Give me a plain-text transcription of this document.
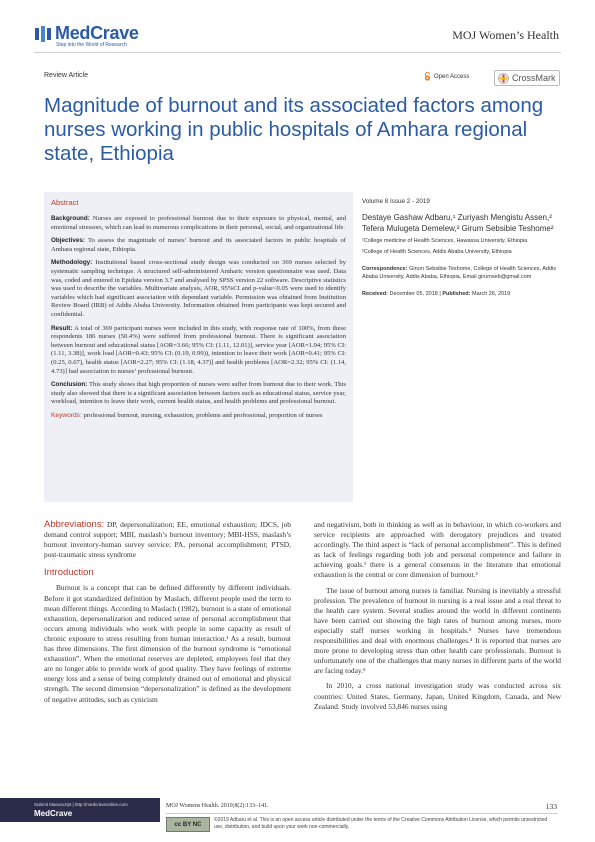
MedCrave
Step into the World of Research
MOJ Women’s Health
Review Article	Open Access	CrossMark
Magnitude of burnout and its associated factors among nurses working in public hospitals of Amhara regional state, Ethiopia
Abstract

Background: Nurses are exposed to professional burnout due to their exposure to physical, mental, and emotional stressors, which can lead to numerous complications in their personal, social, and organizational life.

Objectives: To assess the magnitude of nurses’ burnout and its associated factors in public hospitals of Amhara regional state, Ethiopia.

Methodology: Institutional based cross-sectional study design was conducted on 369 nurses selected by systematic sampling technique. A structured self-administered Amharic version questionnaire was used. Data was, coded and entered in Epidata version 3.7 and analysed by SPSS version 22 software. Descriptive statistics was used to describe the variables. Multivariate analysis, AOR, 95%CI and p-value<0.05 were used to identify variables which had significant association with dependant variable. Permission was obtained from Institution Review Board (IRB) of Addis Ababa University. Information obtained from participants was kept secured and confidential.

Result: A total of 369 participant nurses were included in this study, with response rate of 100%, from these respondents 186 nurses (50.4%) were suffered from professional burnout. There is significant association between burnout and educational status [AOR=3.66; 95% CI: (1.11, 12.01)], service year [AOR=1.94; 95% CI: (1.11, 3.38)], work load [AOR=0.43; 95% CI: (0.19, 0.99)), intention to leave their work [AOR=0.41; 95% CI: (0.25, 0.67), health status [AOR=2.27; 95% CI: (1.18, 4.37)] and health problems [AOR=2.32; 95% CI: (1.14, 4.73)] had association to nurses’ professional burnout.

Conclusion: This study shows that high proportion of nurses were suffer from burnout due to their work. This study also showed that there is a significant association between factors such as educational status, service year, workload, intention to leave their work, current health status, and health problems and professional burnout.

Keywords: professional burnout, nursing, exhaustion, problems and professional, proportion of nurses

Volume 8 Issue 2 - 2019
Destaye Gashaw Adbaru,¹ Zuriyash Mengistu Assen,² Tefera Mulugeta Demelew,² Girum Sebsibie Teshome²
¹College medicine of Health Sciences, Hawassa University, Ethiopia
²College of Health Sciences, Addis Ababa University, Ethiopia
Correspondence: Girum Sebsibie Teshome, College of Health Sciences, Addis Ababa University, Addis Ababa, Ethiopia, Email girumseb@gmail.com
Received: December 05, 2018 | Published: March 26, 2019

Abbreviations: DP, depersonalization; EE, emotional exhaustion; JDCS, job demand control support; MBI, maslash’s burnout inventory; MBI-HSS, maslash’s burnout inventory-human survey service; PA, personal accomplishment; PTSD, post-traumatic stress syndrome

Introduction

Burnout is a concept that can be defined differently by different individuals. Before it got standardized definition by Maslach, different people used the term to mean different things. According to Maslach (1982), burnout is a state of emotional exhaustion, depersonalization and reduced sense of personal accomplishment that occurs among individuals who work with people in some capacity as result of chronic exposure to stress resulting from human interaction.¹ As a result, burnout has three dimensions. The first dimension of the burnout syndrome is “emotional exhaustion”. When the emotional reserves are depleted, employees feel that they are no longer able to provide work of good quality. They have feelings of extreme energy loss and a sense of being completely drained out of emotional and physical strength. The second dimension “depersonalization” is defined as the development of negative attitudes, such as cynicism

and negativism, both in thinking as well as in behaviour, in which co-workers and service recipients are approached with derogatory prejudices and treated accordingly. The third aspect is “lack of personal accomplishment”. This is defined as lack of feelings regarding both job and personal competence and failure in achieving goals.¹ there is a general consensus in the literature that emotional exhaustion is the central or core dimension of burnout.²

The issue of burnout among nurses is familiar. Nursing is inevitably a stressful profession. The prevalence of burnout in nursing is a real issue and a real threat to the health care system. Several studies around the world in different continents have been carried out showing the high rates of burnout among nurses, more especially staff nurses working in hospitals.³ Nurses have tremendous responsibilities and deal with enormous challenges.⁴ It is reported that nurses are more prone to developing stress than other health care professionals. Burnout is unfortunately one of the challenges that many nurses in different parts of the world are facing today.⁵

In 2010, a cross national investigation study was conducted across six countries: United States, Germany, Japan, United Kingdom, Canada, and New Zealand. Study involved 53,846 nurses using

Submit Manuscript | http://medcraveonline.com
MedCrave
MOJ Womens Health. 2019;8(2):133‒141.	133
cc BY NC
©2019 Adbaru et al. This is an open access article distributed under the terms of the Creative Commons Attribution License, which permits unrestricted use, distribution, and build upon your work non-commercially.
